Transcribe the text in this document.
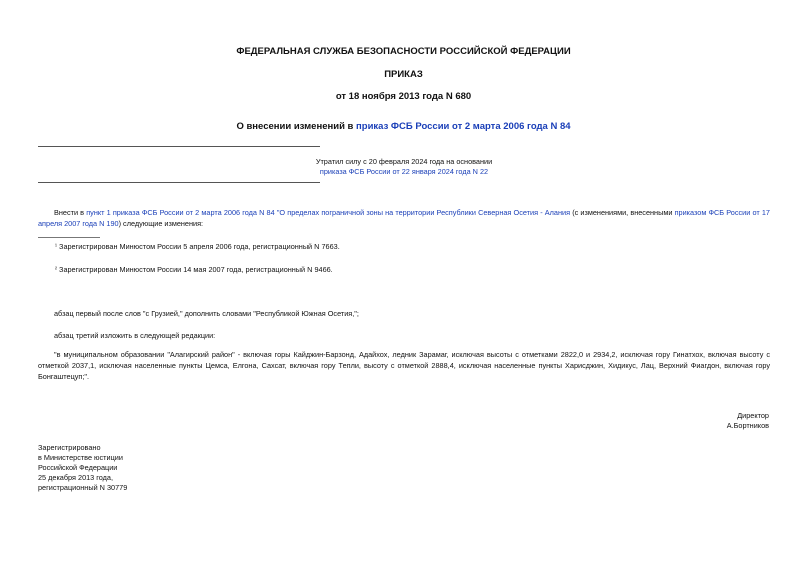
ФЕДЕРАЛЬНАЯ СЛУЖБА БЕЗОПАСНОСТИ РОССИЙСКОЙ ФЕДЕРАЦИИ
ПРИКАЗ
от 18 ноября 2013 года N 680
О внесении изменений в приказ ФСБ России от 2 марта 2006 года N 84
Утратил силу с 20 февраля 2024 года на основании
приказа ФСБ России от 22 января 2024 года N 22
Внести в пункт 1 приказа ФСБ России от 2 марта 2006 года N 84 "О пределах пограничной зоны на территории Республики Северная Осетия - Алания (с изменениями, внесенными приказом ФСБ России от 17 апреля 2007 года N 190) следующие изменения:
$^{^1}$ Зарегистрирован Минюстом России 5 апреля 2006 года, регистрационный N 7663.
$^{^2}$ Зарегистрирован Минюстом России 14 мая 2007 года, регистрационный N 9466.
абзац первый после слов "с Грузией," дополнить словами "Республикой Южная Осетия,";
абзац третий изложить в следующей редакции:
"в муниципальном образовании "Алагирский район" - включая горы Кайджин-Барзонд, Адайхох, ледник Зарамаг, исключая высоты с отметками 2822,0 и 2934,2, исключая гору Гинатхох, включая высоту с отметкой 2037,1, исключая населенные пункты Цемса, Елгона, Сахсат, включая гору Тепли, высоту с отметкой 2888,4, исключая населенные пункты Харисджин, Хидикус, Лац, Верхний Фиагдон, включая гору Бонгаштецуп;".
Директор
А.Бортников
Зарегистрировано
в Министерстве юстиции
Российской Федерации
25 декабря 2013 года,
регистрационный N 30779
